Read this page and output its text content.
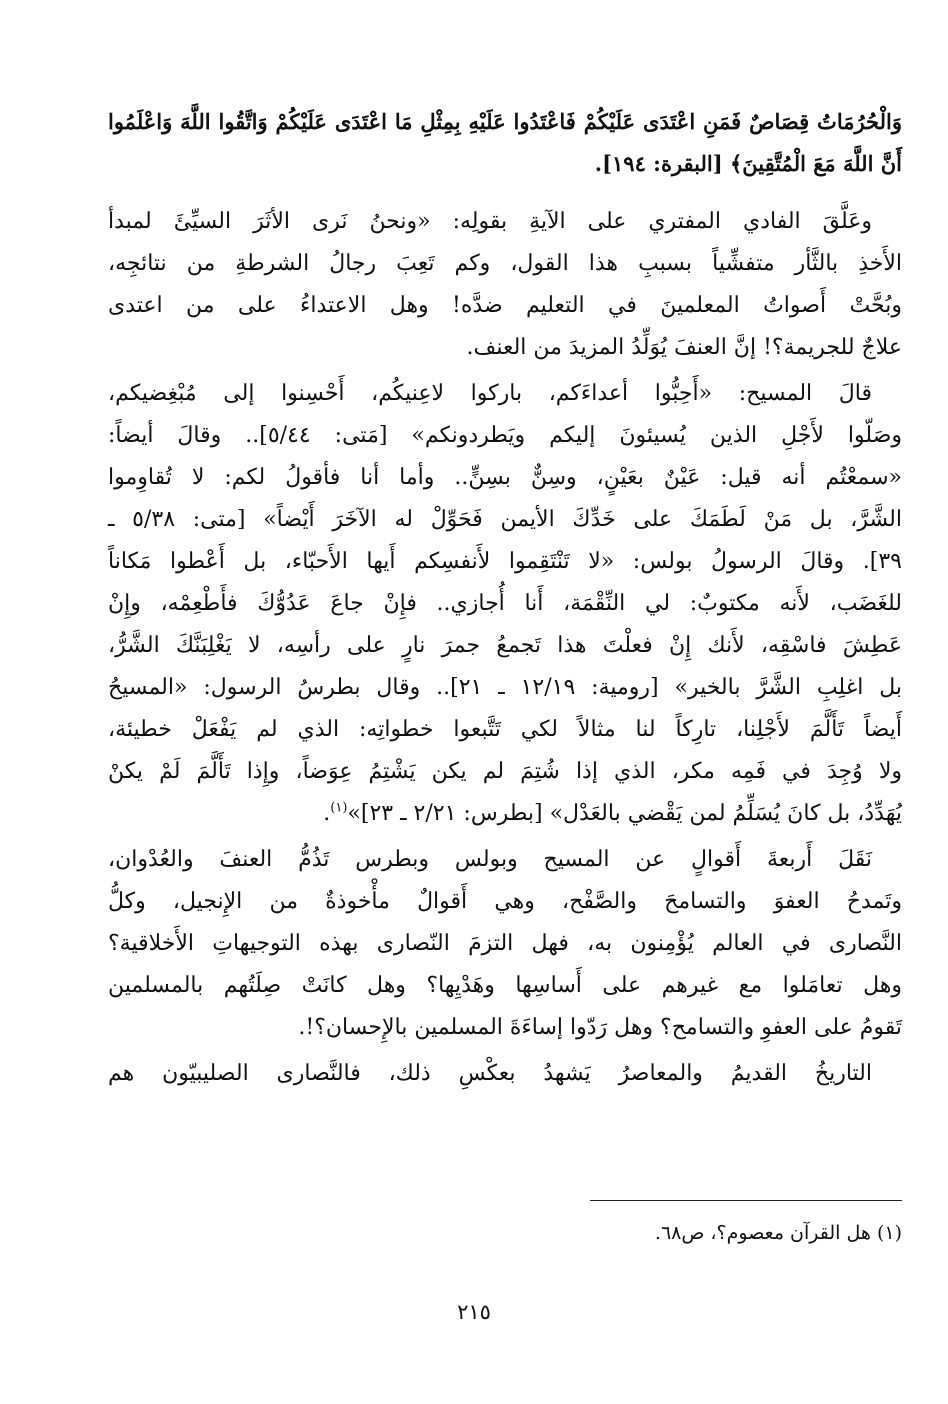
وَالْحُرُمَاتُ قِصَاصٌ فَمَنِ اعْتَدَى عَلَيْكُمْ فَاعْتَدُوا عَلَيْهِ بِمِثْلِ مَا اعْتَدَى عَلَيْكُمْ وَاتَّقُوا اللَّهَ وَاعْلَمُوا
أَنَّ اللَّهَ مَعَ الْمُتَّقِينَ﴾ [البقرة: ١٩٤].
وعَلَّقَ الفادي المفتري على الآيةِ بقولِه: «ونحنُ نَرى الأثَرَ السيِّئَ لمبدأ
الأَخذِ بالثَّأر متفشِّياً بسببِ هذا القول، وكم تَعِبَ رجالُ الشرطةِ من نتائجِه،
وبُحَّتْ أَصواتُ المعلمينَ في التعليم ضدَّه! وهل الاعتداءُ على من اعتدى
علاجٌ للجريمة؟! إنَّ العنفَ يُوَلِّدُ المزيدَ من العنف.
قالَ المسيح: «أَحِبُّوا أعداءَكم، باركوا لاعِنيكُم، أَحْسِنوا إلى مُبْغِضيكم،
وصَلّوا لأَجْلِ الذين يُسيئونَ إليكم ويَطردونكم» [مَتى: ٥/٤٤].. وقالَ أيضاً:
«سمعْتُم أنه قيل: عَيْنٌ بعَيْنٍ، وسِنٌّ بسِنٍّ.. وأما أنا فأقولُ لكم: لا تُقاوِموا
الشَّرَّ، بل مَنْ لَطَمَكَ على خَدِّكَ الأيمن فَحَوِّلْ له الآخَرَ أَيْضاً» [متى: ٥/٣٨ ـ
٣٩]. وقالَ الرسولُ بولس: «لا تَنْتَقِموا لأَنفسِكم أَيها الأَحبّاء، بل أَعْطوا مَكاناً
للغَضَب، لأَنه مكتوبٌ: لي النِّقْمَة، أَنا أُجازي.. فإِنْ جاعَ عَدُوُّكَ فأَطْعِمْه، وإِنْ
عَطِشَ فاسْقِه، لأَنك إِنْ فعلْتَ هذا تَجمعُ جمرَ نارٍ على رأسِه، لا يَغْلِبَنَّكَ الشَّرُّ،
بل اغلِبِ الشَّرَّ بالخير» [رومية: ١٢/١٩ ـ ٢١].. وقال بطرسُ الرسول: «المسيحُ
أَيضاً تَأَلَّمَ لأَجْلِنا، تارِكاً لنا مثالاً لكي تَتَّبعوا خطواتِه: الذي لم يَفْعَلْ خطيئة،
ولا وُجِدَ في فَمِه مكر، الذي إذا شُتِمَ لم يكن يَشْتِمُ عِوَضاً، وإِذا تَأَلَّمَ لَمْ يكنْ
يُهَدِّدُ، بل كانَ يُسَلِّمُ لمن يَقْضي بالعَدْل» [بطرس: ٢/٢١ ـ ٢٣]»$^{(١)}$.
نَقَلَ أَربعةَ أَقوالٍ عن المسيح وبولس وبطرس تَذُمُّ العنفَ والعُدْوان،
وتَمدحُ العفوَ والتسامحَ والصَّفْح، وهي أَقوالٌ مأْخوذةٌ من الإِنجيل، وكلُّ
النَّصارى في العالم يُؤْمِنون به، فهل التزمَ النّصارى بهذه التوجيهاتِ الأَخلاقية؟
وهل تعامَلوا مع غيرهم على أَساسِها وهَدْيِها؟ وهل كانَتْ صِلَتُهم بالمسلمين
تَقومُ على العفوِ والتسامح؟ وهل رَدّوا إساءَةَ المسلمين بالإِحسان؟!.
التاريخُ القديمُ والمعاصرُ يَشهدُ بعكْسِ ذلك، فالنَّصارى الصليبيّون هم
(١) هل القرآن معصوم؟، ص٦٨.
٢١٥
